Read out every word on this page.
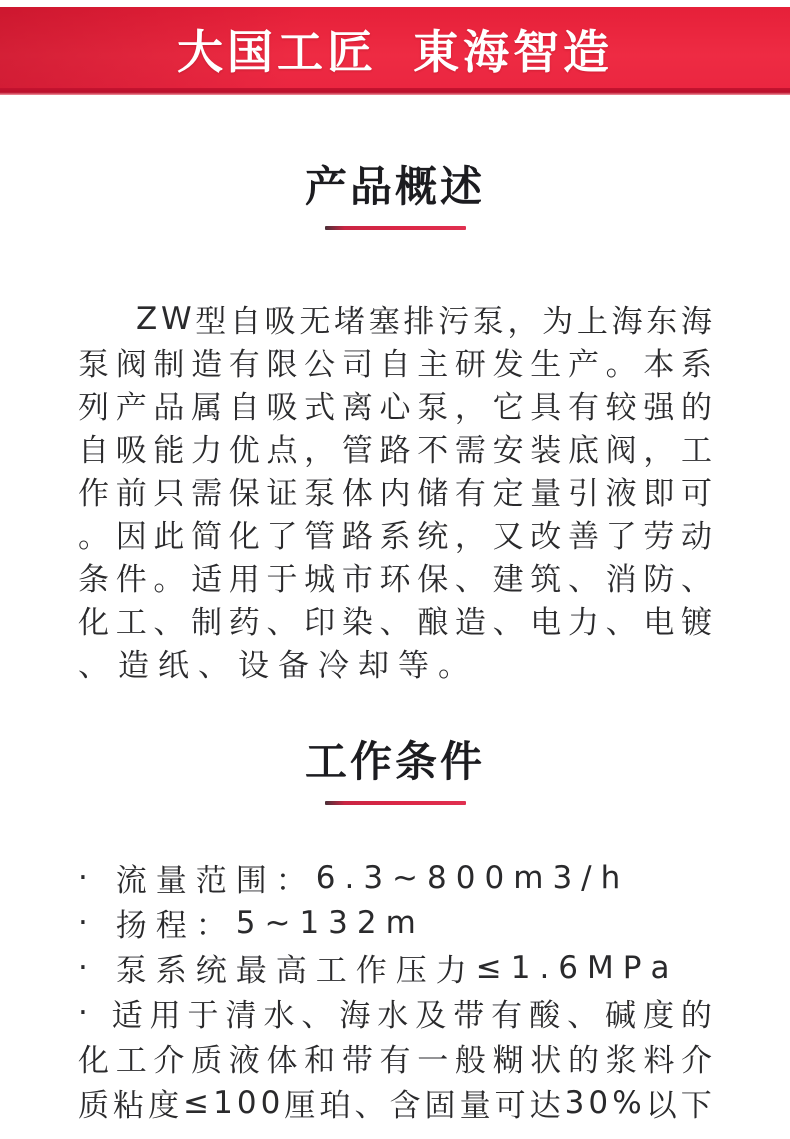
大国工匠 東海智造
产品概述
Z W 型 自 吸 无 堵 塞 排 污 泵 ， 为 上 海 东 海
泵 阀 制 造 有 限 公 司 自 主 研 发 生 产 。 本 系
列 产 品 属 自 吸 式 离 心 泵 ， 它 具 有 较 强 的
自 吸 能 力 优 点 ， 管 路 不 需 安 装 底 阀 ， 工
作 前 只 需 保 证 泵 体 内 储 有 定 量 引 液 即 可
。 因 此 简 化 了 管 路 系 统 ， 又 改 善 了 劳 动
条 件 。 适 用 于 城 市 环 保 、 建 筑 、 消 防 、
化 工 、 制 药 、 印 染 、 酿 造 、 电 力 、 电 镀
、 造 纸 、 设 备 冷 却 等 。
工作条件
·
流 量 范 围 ： 6 . 3 ~ 8 0 0 m 3 / h
·
扬 程 ： 5 ~ 1 3 2 m
·
泵 系 统 最 高 工 作 压 力 ≤ 1 . 6 M P a
·
适 用 于 清 水 、 海 水 及 带 有 酸 、 碱 度 的
化 工 介 质 液 体 和 带 有 一 般 糊 状 的 浆 料 介
质 粘 度 ≤ 1 0 0 厘 珀 、 含 固 量 可 达 3 0 % 以 下
